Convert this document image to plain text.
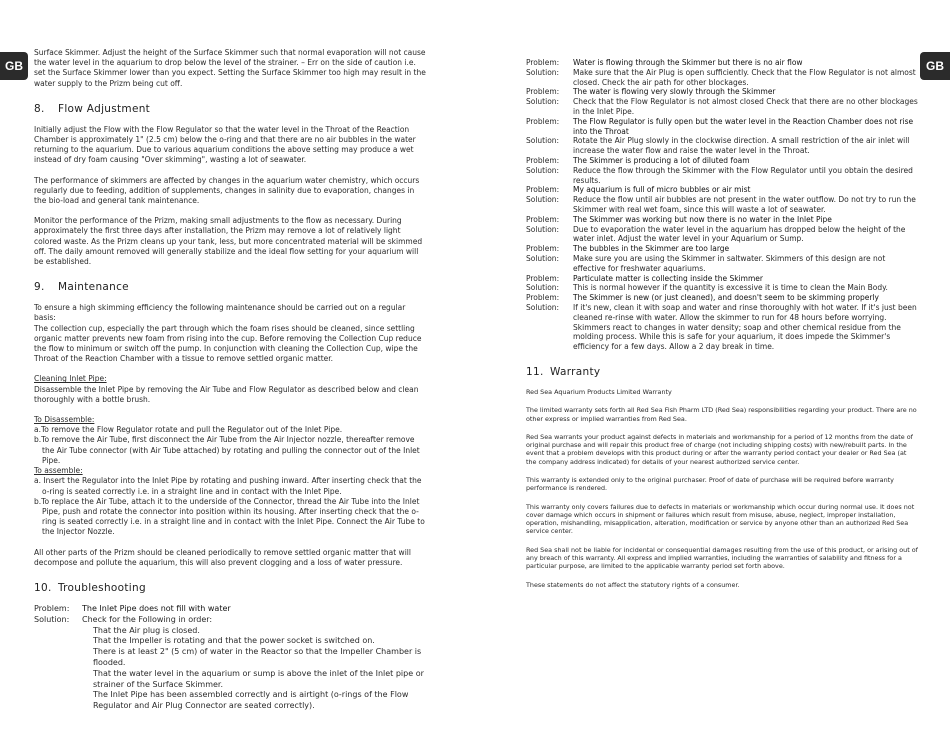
GB	GB

Surface Skimmer. Adjust the height of the Surface Skimmer such that normal evaporation will not cause the water level in the aquarium to drop below the level of the strainer. – Err on the side of caution i.e. set the Surface Skimmer lower than you expect. Setting the Surface Skimmer too high may result in the water supply to the Prizm being cut off.

8. Flow Adjustment

Initially adjust the Flow with the Flow Regulator so that the water level in the Throat of the Reaction Chamber is approximately 1" (2.5 cm) below the o-ring and that there are no air bubbles in the water returning to the aquarium. Due to various aquarium conditions the above setting may produce a wet instead of dry foam causing "Over skimming", wasting a lot of seawater.

The performance of skimmers are affected by changes in the aquarium water chemistry, which occurs regularly due to feeding, addition of supplements, changes in salinity due to evaporation, changes in the bio-load and general tank maintenance.

Monitor the performance of the Prizm, making small adjustments to the flow as necessary. During approximately the first three days after installation, the Prizm may remove a lot of relatively light colored waste. As the Prizm cleans up your tank, less, but more concentrated material will be skimmed off. The daily amount removed will generally stabilize and the ideal flow setting for your aquarium will be established.

9. Maintenance

To ensure a high skimming efficiency the following maintenance should be carried out on a regular basis:

The collection cup, especially the part through which the foam rises should be cleaned, since settling organic matter prevents new foam from rising into the cup. Before removing the Collection Cup reduce the flow to minimum or switch off the pump. In conjunction with cleaning the Collection Cup, wipe the Throat of the Reaction Chamber with a tissue to remove settled organic matter.

Cleaning Inlet Pipe:

Disassemble the Inlet Pipe by removing the Air Tube and Flow Regulator as described below and clean thoroughly with a bottle brush.

To Disassemble:

a.To remove the Flow Regulator rotate and pull the Regulator out of the Inlet Pipe.

b.To remove the Air Tube, first disconnect the Air Tube from the Air Injector nozzle, thereafter remove the Air Tube connector (with Air Tube attached) by rotating and pulling the connector out of the Inlet Pipe.

To assemble:

a. Insert the Regulator into the Inlet Pipe by rotating and pushing inward. After inserting check that the o-ring is seated correctly i.e. in a straight line and in contact with the Inlet Pipe.

b.To replace the Air Tube, attach it to the underside of the Connector, thread the Air Tube into the Inlet Pipe, push and rotate the connector into position within its housing. After inserting check that the o-ring is seated correctly i.e. in a straight line and in contact with the Inlet Pipe. Connect the Air Tube to the Injector Nozzle.

All other parts of the Prizm should be cleaned periodically to remove settled organic matter that will decompose and pollute the aquarium, this will also prevent clogging and a loss of water pressure.

10. Troubleshooting
Problem:	The Inlet Pipe does not fill with water
Solution:	Check for the Following in order:
That the Air plug is closed.
That the Impeller is rotating and that the power socket is switched on.
There is at least 2" (5 cm) of water in the Reactor so that the Impeller Chamber is flooded.
That the water level in the aquarium or sump is above the inlet of the Inlet pipe or strainer of the Surface Skimmer.
The Inlet Pipe has been assembled correctly and is airtight (o-rings of the Flow Regulator and Air Plug Connector are seated correctly).
Problem:	Water is flowing through the Skimmer but there is no air flow
Solution:	Make sure that the Air Plug is open sufficiently. Check that the Flow Regulator is not almost closed. Check the air path for other blockages.
Problem:	The water is flowing very slowly through the Skimmer
Solution:	Check that the Flow Regulator is not almost closed Check that there are no other blockages in the Inlet Pipe.
Problem:	The Flow Regulator is fully open but the water level in the Reaction Chamber does not rise into the Throat
Solution:	Rotate the Air Plug slowly in the clockwise direction. A small restriction of the air inlet will increase the water flow and raise the water level in the Throat.
Problem:	The Skimmer is producing a lot of diluted foam
Solution:	Reduce the flow through the Skimmer with the Flow Regulator until you obtain the desired results.
Problem:	My aquarium is full of micro bubbles or air mist
Solution:	Reduce the flow until air bubbles are not present in the water outflow. Do not try to run the Skimmer with real wet foam, since this will waste a lot of seawater.
Problem:	The Skimmer was working but now there is no water in the Inlet Pipe
Solution:	Due to evaporation the water level in the aquarium has dropped below the height of the water inlet. Adjust the water level in your Aquarium or Sump.
Problem:	The bubbles in the Skimmer are too large
Solution:	Make sure you are using the Skimmer in saltwater. Skimmers of this design are not effective for freshwater aquariums.
Problem:	Particulate matter is collecting inside the Skimmer
Solution:	This is normal however if the quantity is excessive it is time to clean the Main Body.
Problem:	The Skimmer is new (or just cleaned), and doesn't seem to be skimming properly
Solution:	If it's new, clean it with soap and water and rinse thoroughly with hot water. If it's just been cleaned re-rinse with water. Allow the skimmer to run for 48 hours before worrying. Skimmers react to changes in water density; soap and other chemical residue from the molding process. While this is safe for your aquarium, it does impede the Skimmer's efficiency for a few days. Allow a 2 day break in time.
11. Warranty

Red Sea Aquarium Products Limited Warranty

The limited warranty sets forth all Red Sea Fish Pharm LTD (Red Sea) responsibilities regarding your product. There are no other express or implied warranties from Red Sea.

Red Sea warrants your product against defects in materials and workmanship for a period of 12 months from the date of original purchase and will repair this product free of charge (not including shipping costs) with new/rebuilt parts. In the event that a problem develops with this product during or after the warranty period contact your dealer or Red Sea (at the company address indicated) for details of your nearest authorized service center.

This warranty is extended only to the original purchaser. Proof of date of purchase will be required before warranty performance is rendered.

This warranty only covers failures due to defects in materials or workmanship which occur during normal use. It does not cover damage which occurs in shipment or failures which result from misuse, abuse, neglect, improper installation, operation, mishandling, misapplication, alteration, modification or service by anyone other than an authorized Red Sea service center.

Red Sea shall not be liable for incidental or consequential damages resulting from the use of this product, or arising out of any breach of this warranty. All express and implied warranties, including the warranties of salability and fitness for a particular purpose, are limited to the applicable warranty period set forth above.

These statements do not affect the statutory rights of a consumer.
